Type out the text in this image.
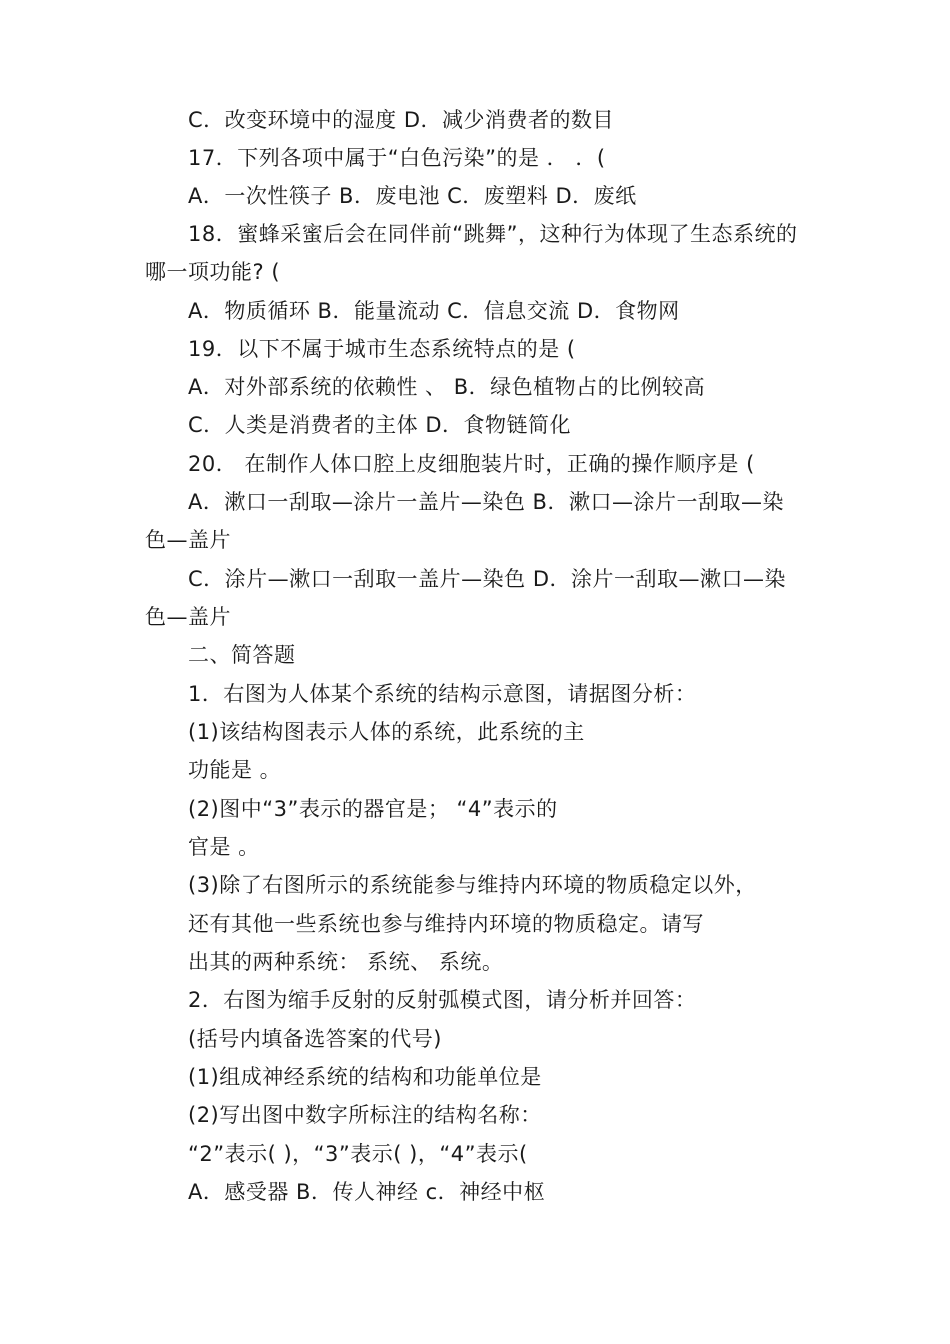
C．改变环境中的湿度 D．减少消费者的数目
17．下列各项中属于“白色污染”的是 ． ．(
A．一次性筷子 B．废电池 C．废塑料 D．废纸
18．蜜蜂采蜜后会在同伴前“跳舞”，这种行为体现了生态系统的
哪一项功能? (
A．物质循环 B．能量流动 C．信息交流 D．食物网
19．以下不属于城市生态系统特点的是 (
A．对外部系统的依赖性 、 B．绿色植物占的比例较高
C．人类是消费者的主体 D．食物链简化
20． 在制作人体口腔上皮细胞装片时，正确的操作顺序是 (
A．漱口一刮取—涂片一盖片—染色 B．漱口—涂片一刮取—染
色—盖片
C．涂片—漱口一刮取一盖片—染色 D．涂片一刮取—漱口—染
色—盖片
二、简答题
1．右图为人体某个系统的结构示意图，请据图分析：
(1)该结构图表示人体的系统，此系统的主
功能是 。
(2)图中“3”表示的器官是； “4”表示的
官是 。
(3)除了右图所示的系统能参与维持内环境的物质稳定以外，
还有其他一些系统也参与维持内环境的物质稳定。请写
出其的两种系统： 系统、 系统。
2．右图为缩手反射的反射弧模式图，请分析并回答：
(括号内填备选答案的代号)
(1)组成神经系统的结构和功能单位是
(2)写出图中数字所标注的结构名称：
“2”表示( )，“3”表示( )，“4”表示(
A．感受器 B．传人神经 c．神经中枢
